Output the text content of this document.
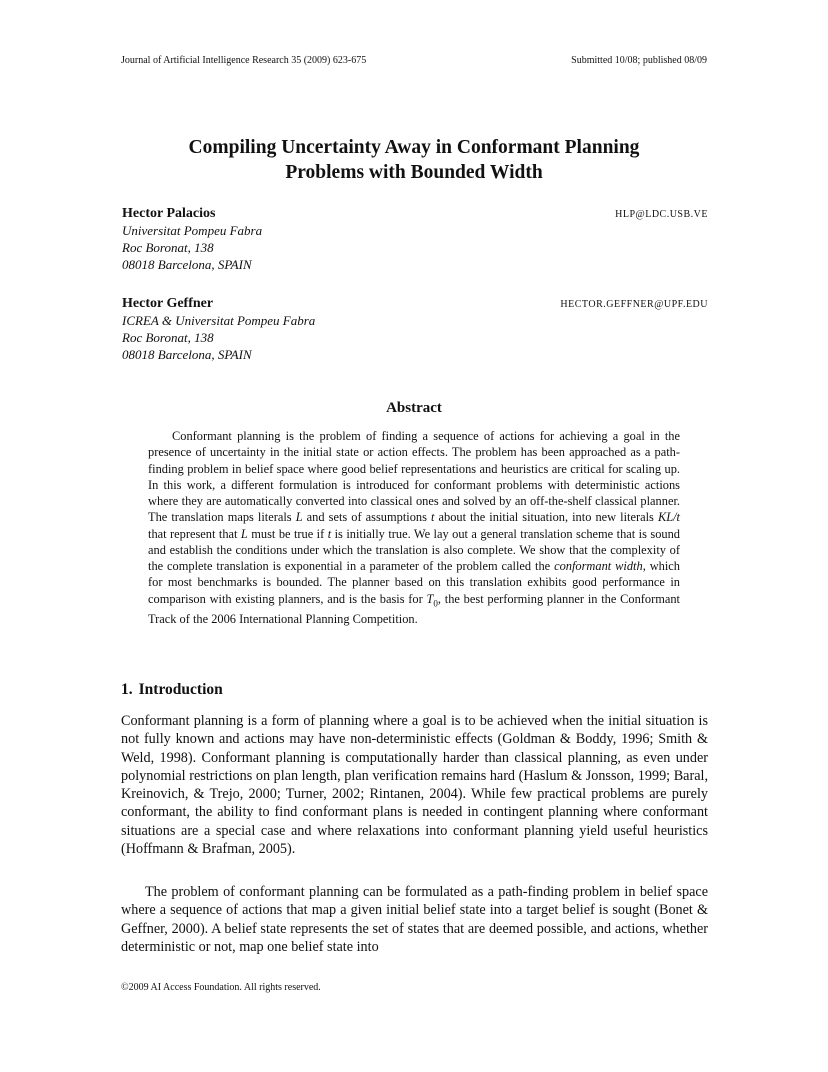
Journal of Artificial Intelligence Research 35 (2009) 623-675	Submitted 10/08; published 08/09
Compiling Uncertainty Away in Conformant Planning
Problems with Bounded Width
Hector Palacios	HLP@LDC.USB.VE
Universitat Pompeu Fabra
Roc Boronat, 138
08018 Barcelona, SPAIN
Hector Geffner	HECTOR.GEFFNER@UPF.EDU
ICREA & Universitat Pompeu Fabra
Roc Boronat, 138
08018 Barcelona, SPAIN
Abstract
Conformant planning is the problem of finding a sequence of actions for achieving a goal in the presence of uncertainty in the initial state or action effects. The problem has been approached as a path-finding problem in belief space where good belief representations and heuristics are critical for scaling up. In this work, a different formulation is introduced for conformant problems with deterministic actions where they are automatically converted into classical ones and solved by an off-the-shelf classical planner. The translation maps literals L and sets of assumptions t about the initial situation, into new literals KL/t that represent that L must be true if t is initially true. We lay out a general translation scheme that is sound and establish the conditions under which the translation is also complete. We show that the complexity of the complete translation is exponential in a parameter of the problem called the conformant width, which for most benchmarks is bounded. The planner based on this translation exhibits good performance in comparison with existing planners, and is the basis for $T_0$, the best performing planner in the Conformant Track of the 2006 International Planning Competition.
1. Introduction
Conformant planning is a form of planning where a goal is to be achieved when the initial situation is not fully known and actions may have non-deterministic effects (Goldman & Boddy, 1996; Smith & Weld, 1998). Conformant planning is computationally harder than classical planning, as even under polynomial restrictions on plan length, plan verification remains hard (Haslum & Jonsson, 1999; Baral, Kreinovich, & Trejo, 2000; Turner, 2002; Rintanen, 2004). While few practical problems are purely conformant, the ability to find conformant plans is needed in contingent planning where conformant situations are a special case and where relaxations into conformant planning yield useful heuristics (Hoffmann & Brafman, 2005).
The problem of conformant planning can be formulated as a path-finding problem in belief space where a sequence of actions that map a given initial belief state into a target belief is sought (Bonet & Geffner, 2000). A belief state represents the set of states that are deemed possible, and actions, whether deterministic or not, map one belief state into
©2009 AI Access Foundation. All rights reserved.
